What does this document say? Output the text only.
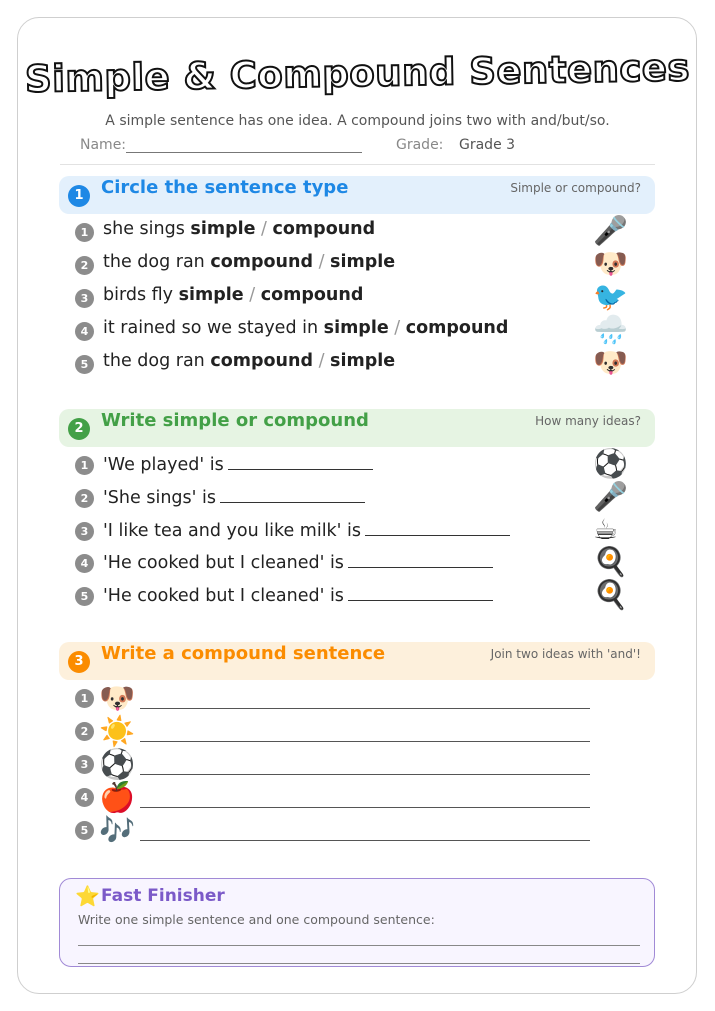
Simple & Compound Sentences
A simple sentence has one idea. A compound joins two with and/but/so.
Name:	Grade: Grade 3
1 Circle the sentence type	Simple or compound?
1 she sings simple / compound	🎤
2 the dog ran compound / simple	🐶
3 birds fly simple / compound	🐦
4 it rained so we stayed in simple / compound	🌧️
5 the dog ran compound / simple	🐶
2 Write simple or compound	How many ideas?
1 'We played' is	⚽
2 'She sings' is	🎤
3 'I like tea and you like milk' is	☕
4 'He cooked but I cleaned' is	🍳
5 'He cooked but I cleaned' is	🍳
3 Write a compound sentence	Join two ideas with 'and'!
1 🐶
2 ☀️
3 ⚽
4 🍎
5 🎶
⭐ Fast Finisher
Write one simple sentence and one compound sentence:
